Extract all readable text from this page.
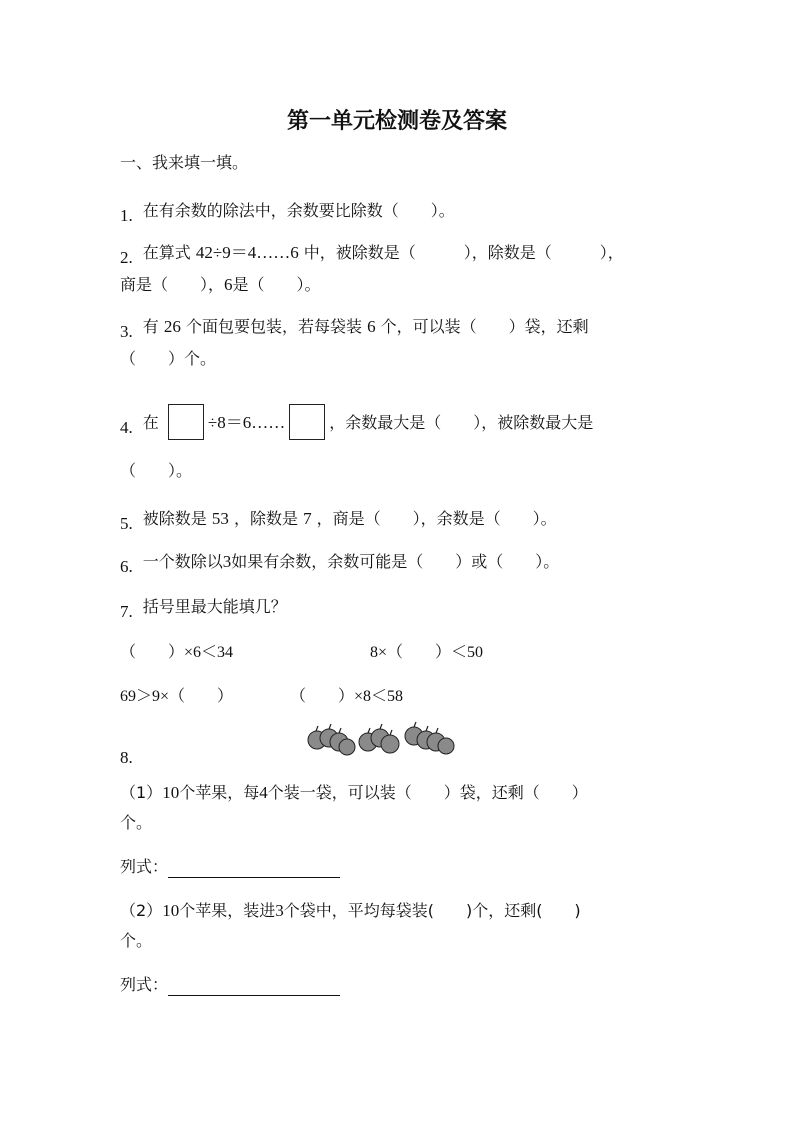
第一单元检测卷及答案
一、我来填一填。
1. 在有余数的除法中，余数要比除数（　　）。
2. 在算式 42÷9＝4……6 中，被除数是（　　　），除数是（　　　），
商是（　　），6是（　　）。
3. 有 26 个面包要包装，若每袋装 6 个，可以装（　　）袋，还剩
（　　）个。
4. 在	÷8＝6……	，余数最大是（　　），被除数最大是
（　　）。
5. 被除数是 53 ，除数是 7 ，商是（　　），余数是（　　）。
6. 一个数除以3如果有余数，余数可能是（　　）或（　　）。
7. 括号里最大能填几？
（　　）×6＜34	8×（　　）＜50
69＞9×（　　）	（　　）×8＜58
8.
（1）10个苹果，每4个装一袋，可以装（　　）袋，还剩（　　）
个。
列式：
（2）10个苹果，装进3个袋中，平均每袋装(　　)个，还剩(　　)
个。
列式：
